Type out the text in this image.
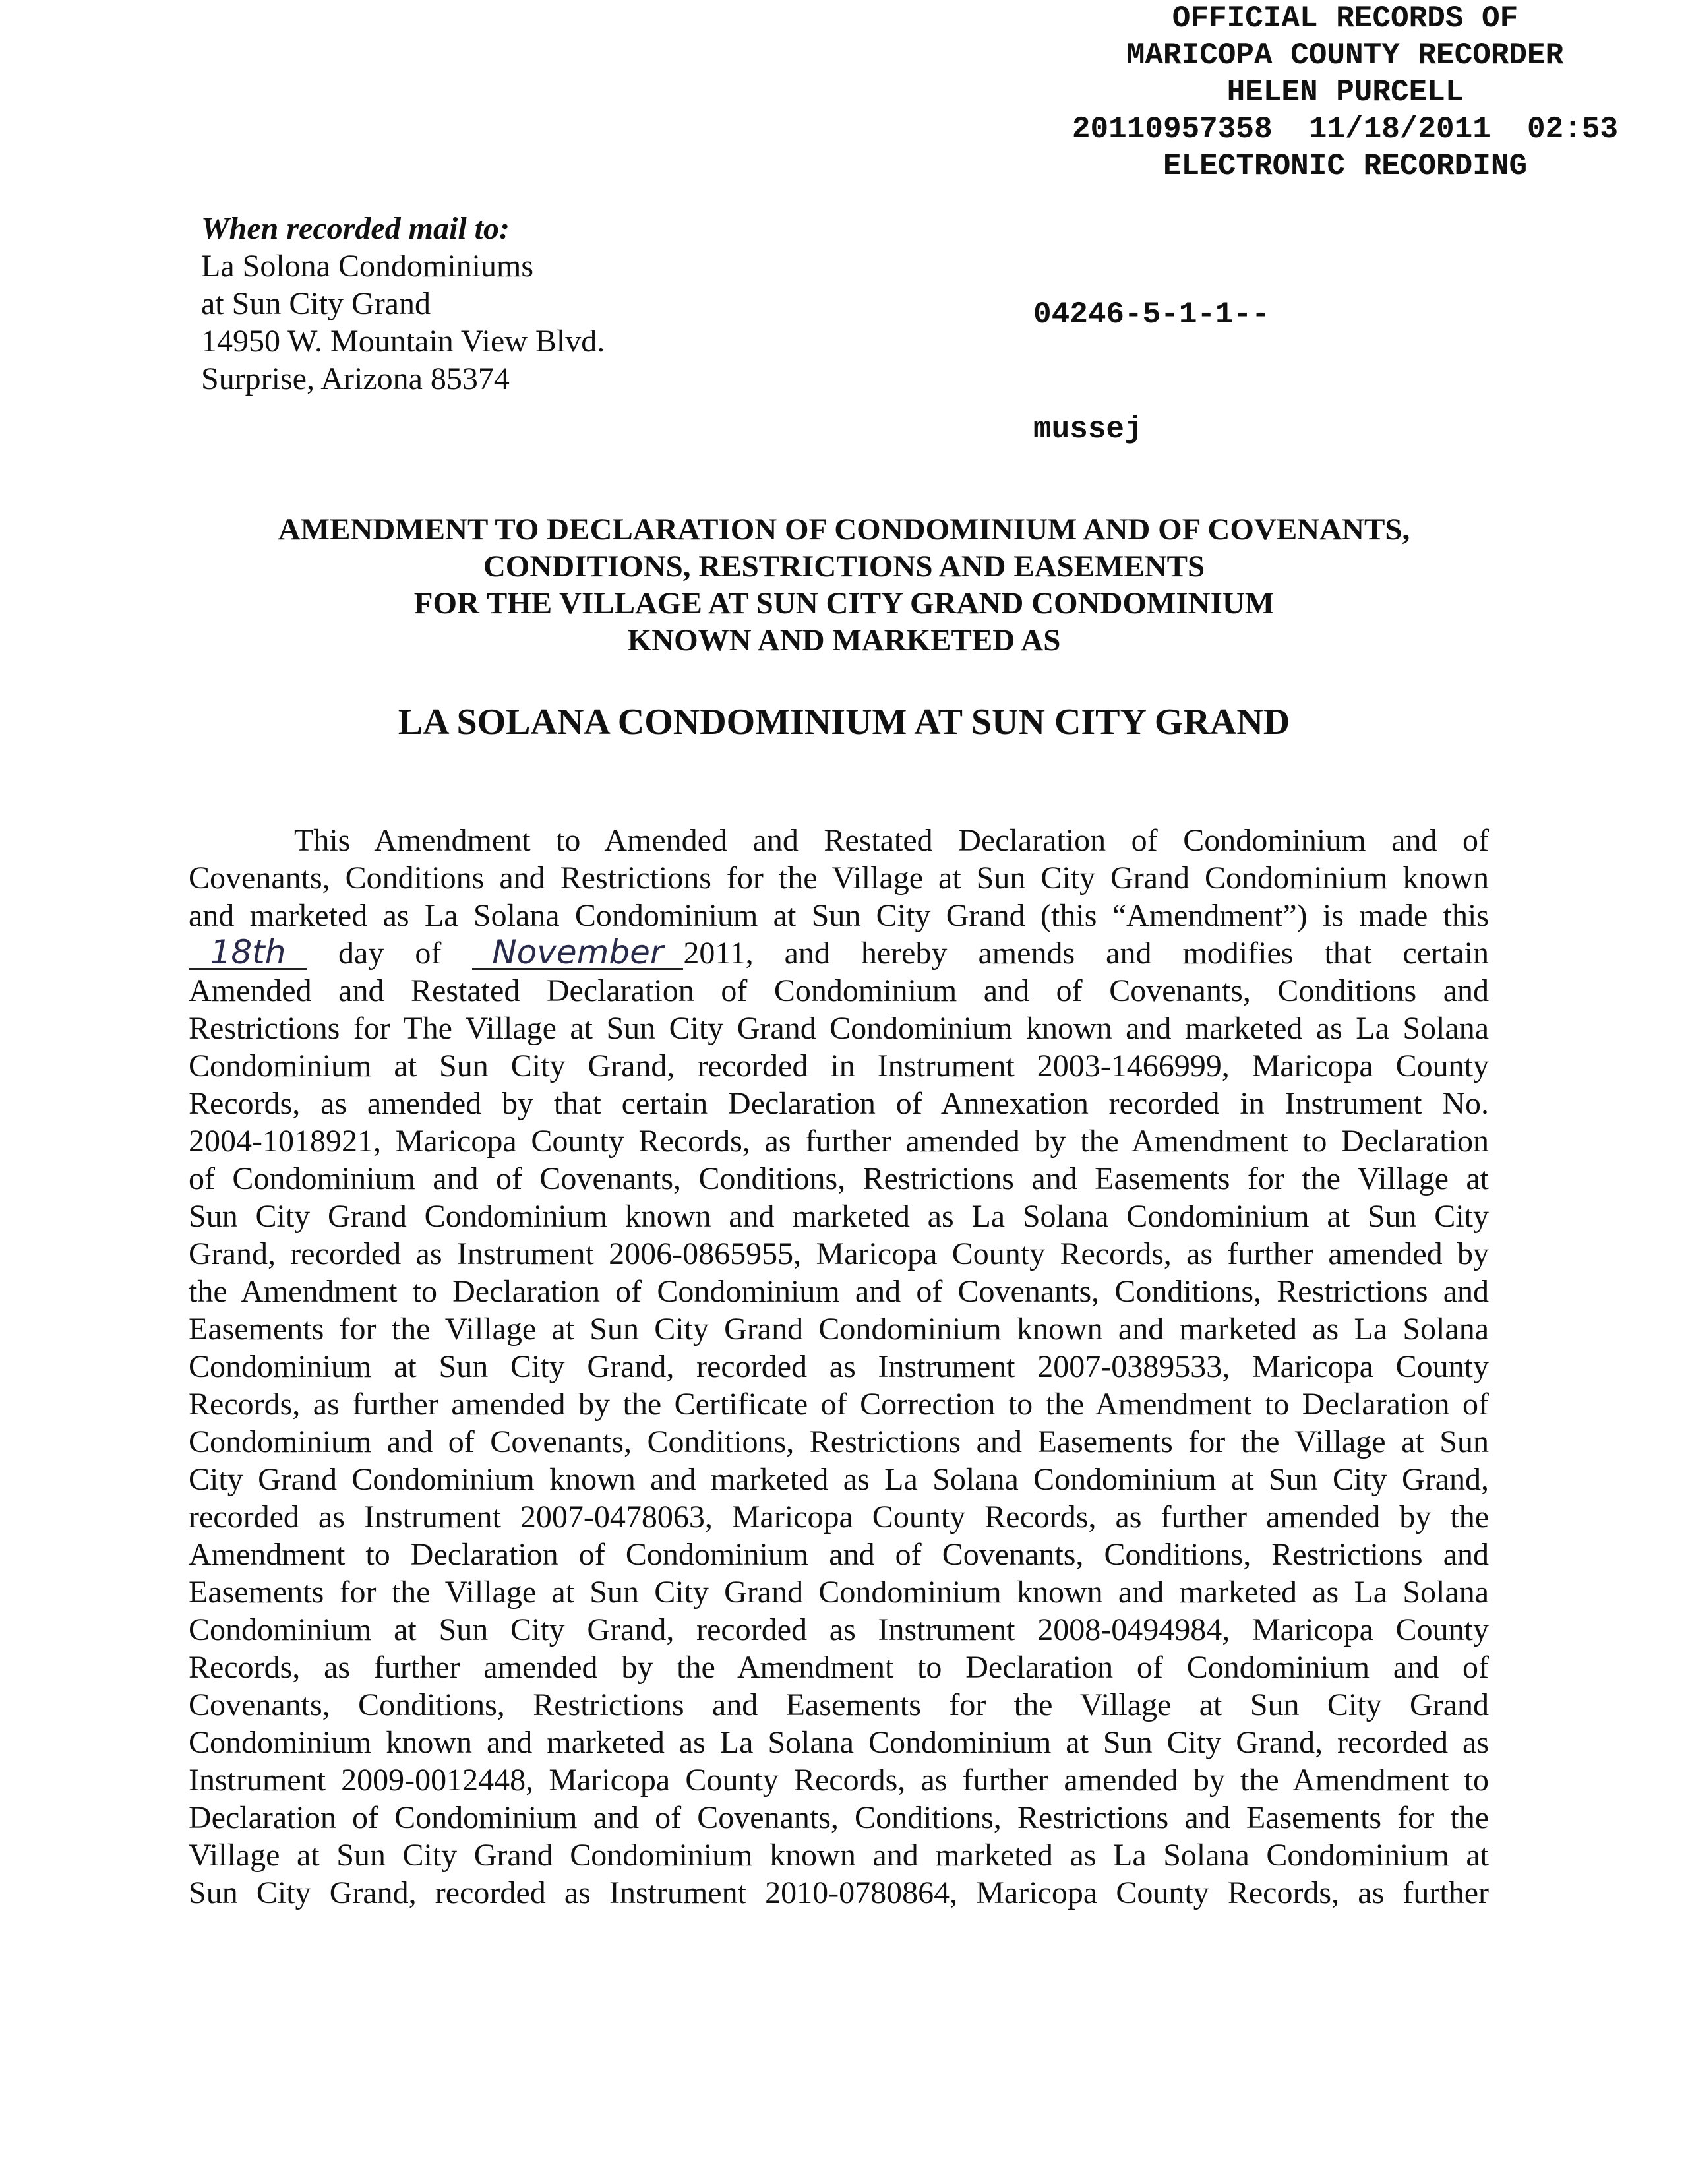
OFFICIAL RECORDS OF
MARICOPA COUNTY RECORDER
HELEN PURCELL
20110957358  11/18/2011  02:53
ELECTRONIC RECORDING

04246-5-1-1--

mussej

When recorded mail to:
La Solona Condominiums
at Sun City Grand
14950 W. Mountain View Blvd.
Surprise, Arizona 85374
AMENDMENT TO DECLARATION OF CONDOMINIUM AND OF COVENANTS,
CONDITIONS, RESTRICTIONS AND EASEMENTS
FOR THE VILLAGE AT SUN CITY GRAND CONDOMINIUM
KNOWN AND MARKETED AS
LA SOLANA CONDOMINIUM AT SUN CITY GRAND
This Amendment to Amended and Restated Declaration of Condominium and of
Covenants, Conditions and Restrictions for the Village at Sun City Grand Condominium known
and marketed as La Solana Condominium at Sun City Grand (this “Amendment”) is made this
18th day of November 2011, and hereby amends and modifies that certain
Amended and Restated Declaration of Condominium and of Covenants, Conditions and
Restrictions for The Village at Sun City Grand Condominium known and marketed as La Solana
Condominium at Sun City Grand, recorded in Instrument 2003-1466999, Maricopa County
Records, as amended by that certain Declaration of Annexation recorded in Instrument No.
2004-1018921, Maricopa County Records, as further amended by the Amendment to Declaration
of Condominium and of Covenants, Conditions, Restrictions and Easements for the Village at
Sun City Grand Condominium known and marketed as La Solana Condominium at Sun City
Grand, recorded as Instrument 2006-0865955, Maricopa County Records, as further amended by
the Amendment to Declaration of Condominium and of Covenants, Conditions, Restrictions and
Easements for the Village at Sun City Grand Condominium known and marketed as La Solana
Condominium at Sun City Grand, recorded as Instrument 2007-0389533, Maricopa County
Records, as further amended by the Certificate of Correction to the Amendment to Declaration of
Condominium and of Covenants, Conditions, Restrictions and Easements for the Village at Sun
City Grand Condominium known and marketed as La Solana Condominium at Sun City Grand,
recorded as Instrument 2007-0478063, Maricopa County Records, as further amended by the
Amendment to Declaration of Condominium and of Covenants, Conditions, Restrictions and
Easements for the Village at Sun City Grand Condominium known and marketed as La Solana
Condominium at Sun City Grand, recorded as Instrument 2008-0494984, Maricopa County
Records, as further amended by the Amendment to Declaration of Condominium and of
Covenants, Conditions, Restrictions and Easements for the Village at Sun City Grand
Condominium known and marketed as La Solana Condominium at Sun City Grand, recorded as
Instrument 2009-0012448, Maricopa County Records, as further amended by the Amendment to
Declaration of Condominium and of Covenants, Conditions, Restrictions and Easements for the
Village at Sun City Grand Condominium known and marketed as La Solana Condominium at
Sun City Grand, recorded as Instrument 2010-0780864, Maricopa County Records, as further
